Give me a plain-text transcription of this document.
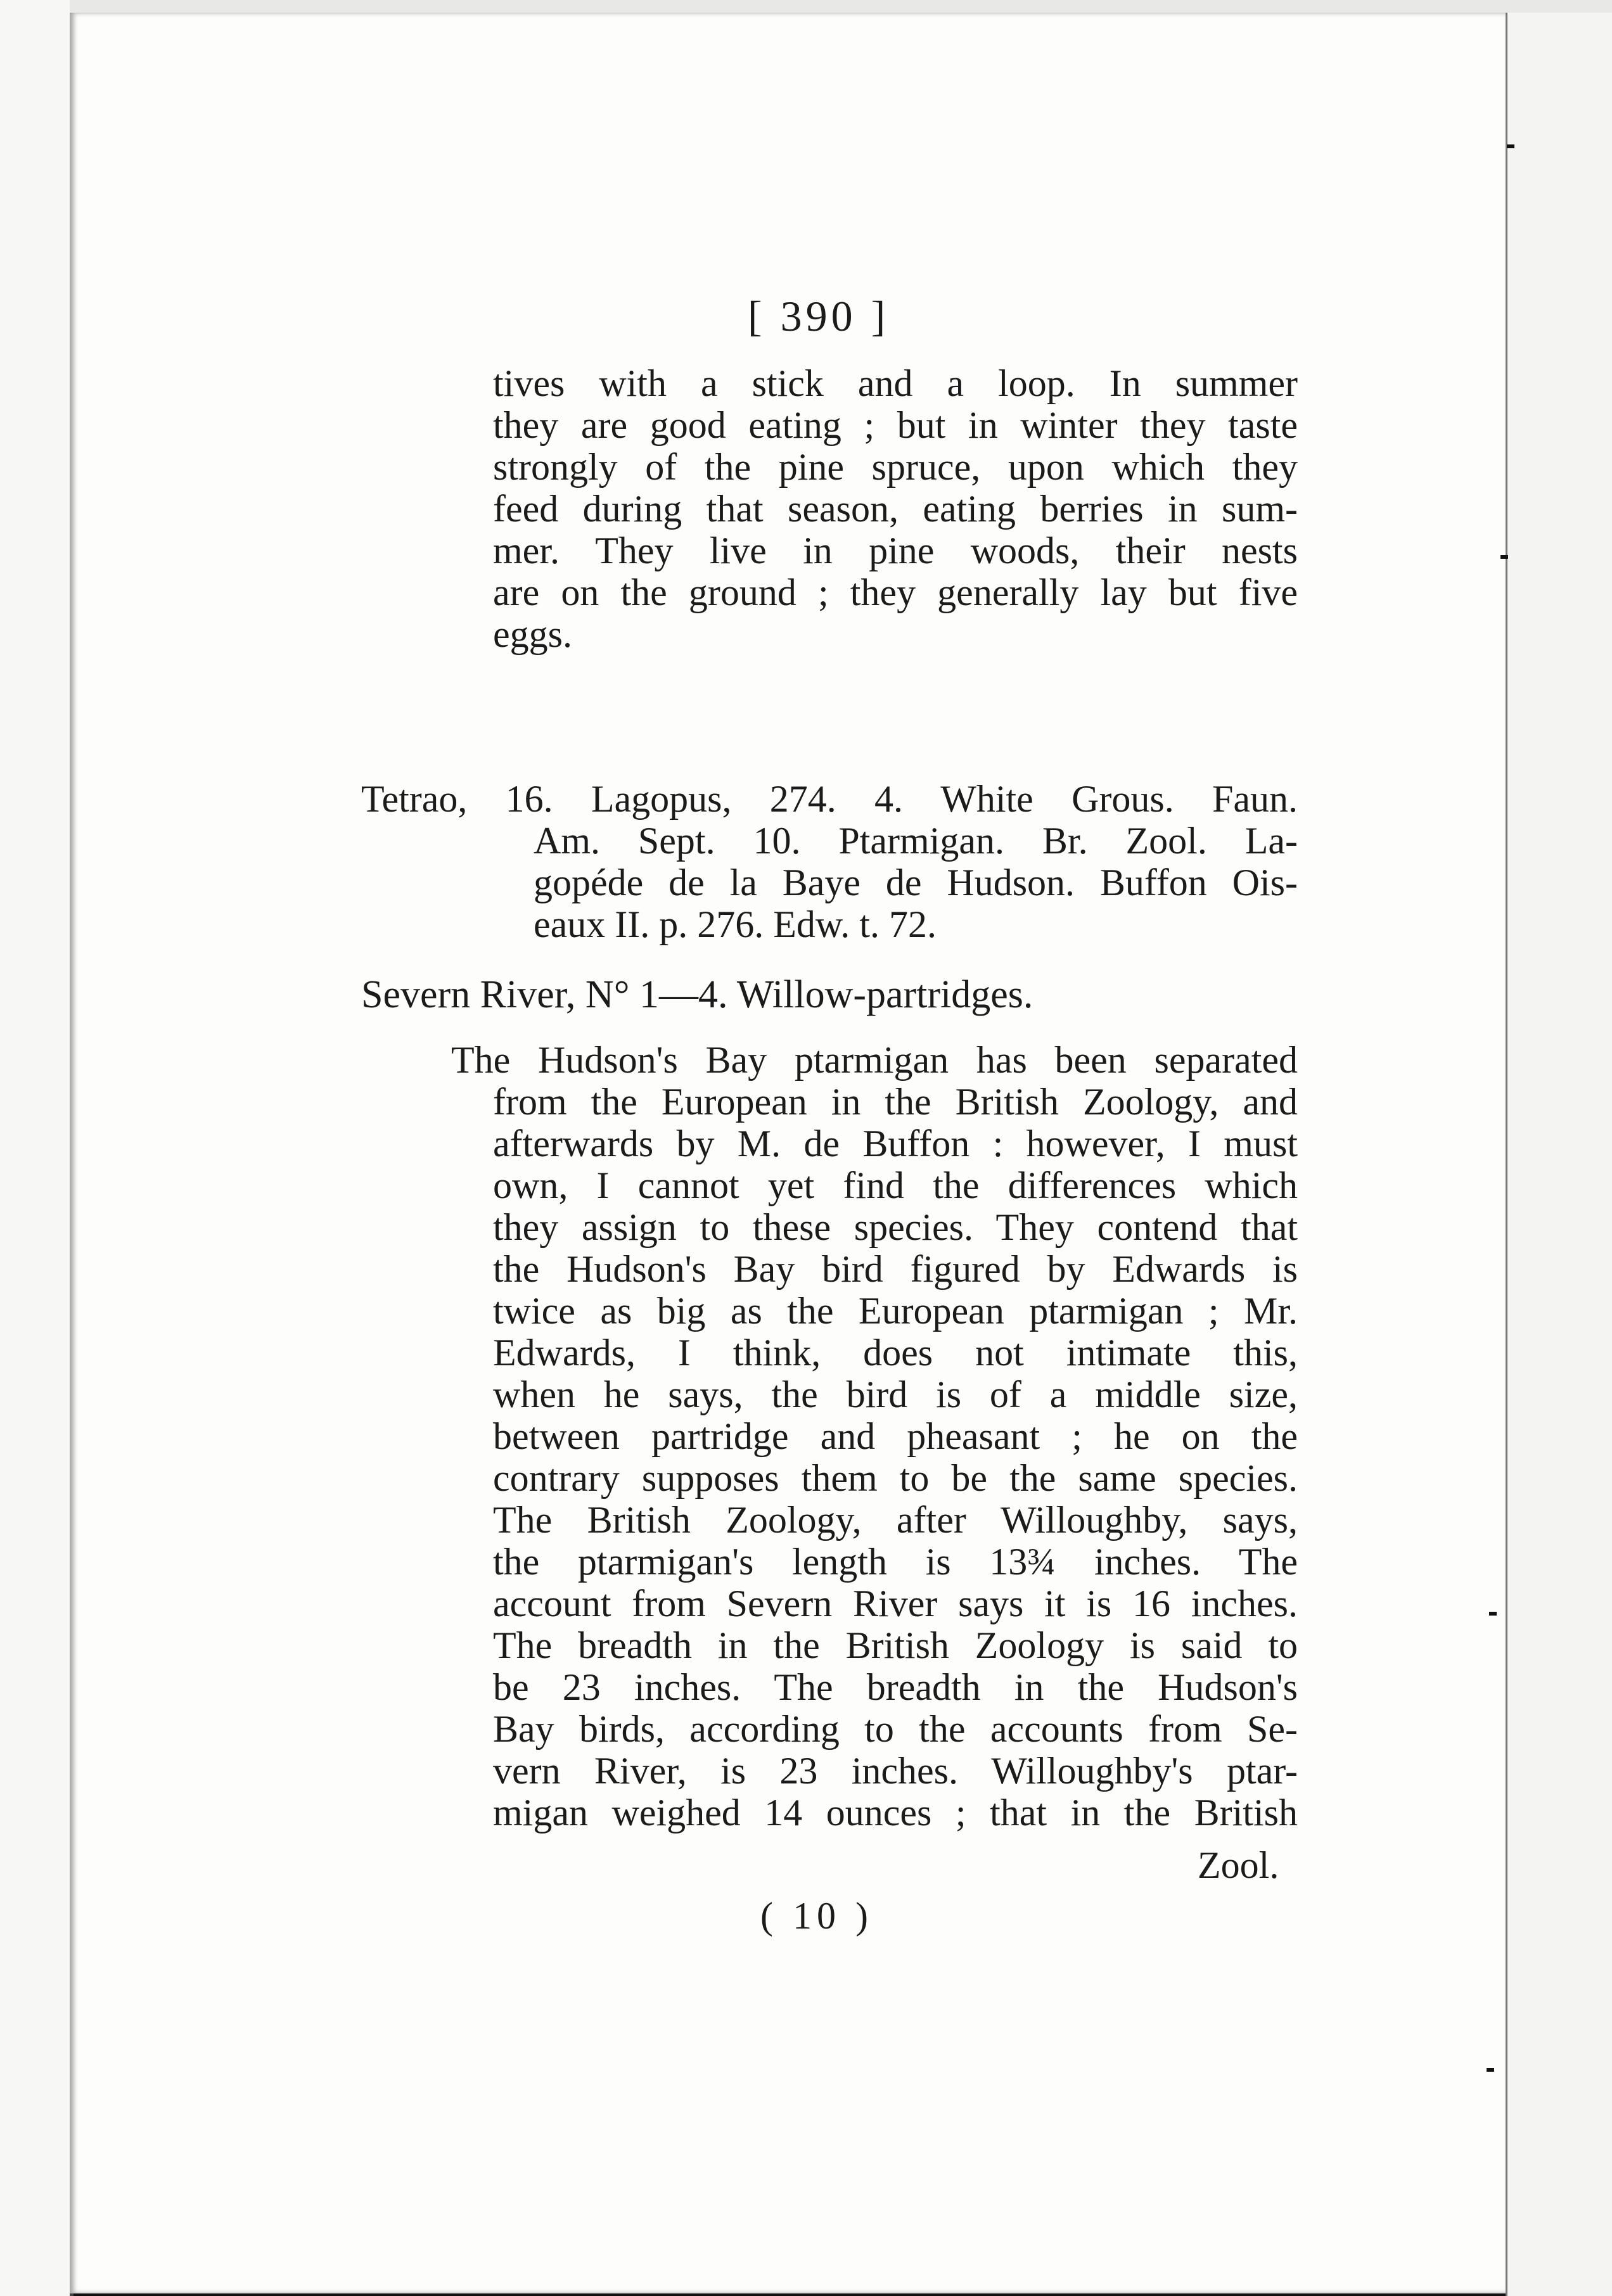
[ 390 ]
tives with a stick and a loop. In summer
they are good eating ; but in winter they taste
strongly of the pine spruce, upon which they
feed during that season, eating berries in sum-
mer. They live in pine woods, their nests
are on the ground ; they generally lay but five
eggs.
Tetrao, 16. Lagopus, 274. 4. White Grous. Faun.
Am. Sept. 10. Ptarmigan. Br. Zool. La-
gopéde de la Baye de Hudson. Buffon Ois-
eaux II. p. 276. Edw. t. 72.
Severn River, N° 1—4. Willow-partridges.
The Hudson's Bay ptarmigan has been separated
from the European in the British Zoology, and
afterwards by M. de Buffon : however, I must
own, I cannot yet find the differences which
they assign to these species. They contend that
the Hudson's Bay bird figured by Edwards is
twice as big as the European ptarmigan ; Mr.
Edwards, I think, does not intimate this,
when he says, the bird is of a middle size,
between partridge and pheasant ; he on the
contrary supposes them to be the same species.
The British Zoology, after Willoughby, says,
the ptarmigan's length is 13¾ inches. The
account from Severn River says it is 16 inches.
The breadth in the British Zoology is said to
be 23 inches. The breadth in the Hudson's
Bay birds, according to the accounts from Se-
vern River, is 23 inches. Willoughby's ptar-
migan weighed 14 ounces ; that in the British
Zool.
( 10 )
